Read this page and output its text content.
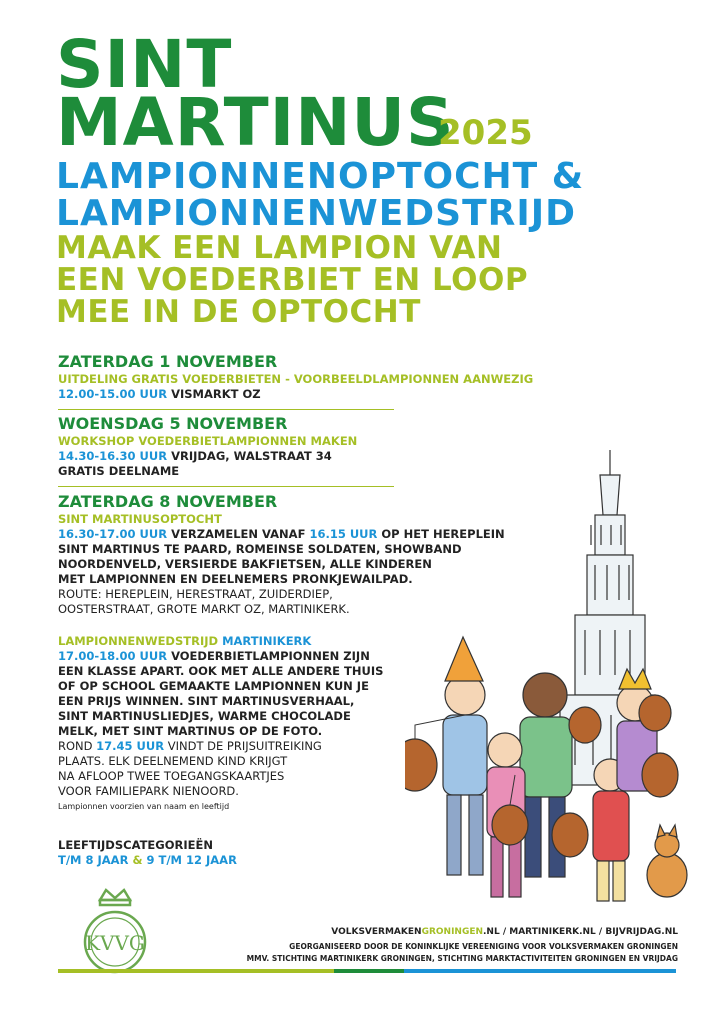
SINT
MARTINUS
2025
LAMPIONNENOPTOCHT &
LAMPIONNENWEDSTRIJD
MAAK EEN LAMPION VAN
EEN VOEDERBIET EN LOOP
MEE IN DE OPTOCHT
ZATERDAG 1 NOVEMBER
UITDELING GRATIS VOEDERBIETEN - VOORBEELDLAMPIONNEN AANWEZIG
12.00-15.00 UUR VISMARKT OZ
WOENSDAG 5 NOVEMBER
WORKSHOP VOEDERBIETLAMPIONNEN MAKEN
14.30-16.30 UUR VRIJDAG, WALSTRAAT 34
GRATIS DEELNAME
ZATERDAG 8 NOVEMBER
SINT MARTINUSOPTOCHT
16.30-17.00 UUR VERZAMELEN VANAF 16.15 UUR OP HET HEREPLEIN
SINT MARTINUS TE PAARD, ROMEINSE SOLDATEN, SHOWBAND
NOORDENVELD, VERSIERDE BAKFIETSEN, ALLE KINDEREN
MET LAMPIONNEN EN DEELNEMERS PRONKJEWAILPAD.
ROUTE: HEREPLEIN, HERESTRAAT, ZUIDERDIEP,
OOSTERSTRAAT, GROTE MARKT OZ, MARTINIKERK.
LAMPIONNENWEDSTRIJD MARTINIKERK
17.00-18.00 UUR VOEDERBIETLAMPIONNEN ZIJN
EEN KLASSE APART. OOK MET ALLE ANDERE THUIS
OF OP SCHOOL GEMAAKTE LAMPIONNEN KUN JE
EEN PRIJS WINNEN. SINT MARTINUSVERHAAL,
SINT MARTINUSLIEDJES, WARME CHOCOLADE
MELK, MET SINT MARTINUS OP DE FOTO.
ROND 17.45 UUR VINDT DE PRIJSUITREIKING
PLAATS. ELK DEELNEMEND KIND KRIJGT
NA AFLOOP TWEE TOEGANGSKAARTJES
VOOR FAMILIEPARK NIENOORD.
Lampionnen voorzien van naam en leeftijd
LEEFTIJDSCATEGORIEËN
T/M 8 JAAR & 9 T/M 12 JAAR
KVVG	VOLKSVERMAKENGRONINGEN.NL / MARTINIKERK.NL / BIJVRIJDAG.NL
GEORGANISEERD DOOR DE KONINKLIJKE VEREENIGING VOOR VOLKSVERMAKEN GRONINGEN
MMV. STICHTING MARTINIKERK GRONINGEN, STICHTING MARKTACTIVITEITEN GRONINGEN EN VRIJDAG
